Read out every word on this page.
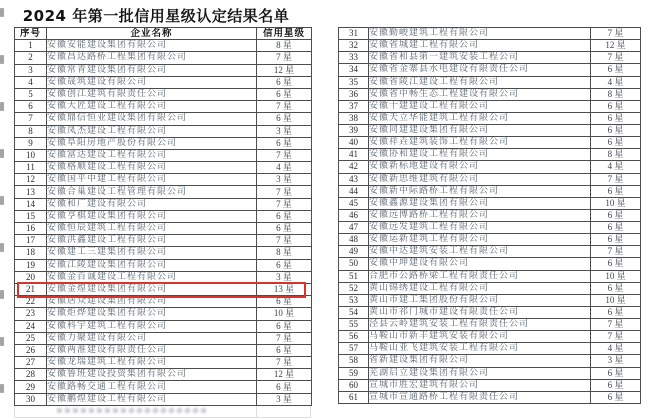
2024 年第一批信用星级认定结果名单
序号	企业名称	信用星级
1	安徽安能建设集团有限公司	8 星
2	安徽昌达路桥工程集团有限公司	7 星
3	安徽常青建设集团有限公司	12 星
4	安徽晟筑建设有限公司	6 星
5	安徽创江建筑有限责任公司	6 星
6	安徽大匠建设工程有限公司	7 星
7	安徽鼎信恒业建设集团有限公司	6 星
8	安徽凤杰建设工程有限公司	3 星
9	安徽阜阳房地产股份有限公司	6 星
10	安徽富达建设工程有限公司	7 星
11	安徽格顺建设工程有限公司	4 星
12	安徽国平中建工程有限公司	3 星
13	安徽合巢建设工程管理有限公司	7 星
14	安徽和广建设有限公司	7 星
15	安徽亨棋建设集团有限公司	6 星
16	安徽恒辰建筑工程有限公司	6 星
17	安徽洪鑫建设工程有限公司	7 星
18	安徽建工三建集团有限公司	8 星
19	安徽江陵建设集团有限公司	6 星
20	安徽金百诚建设工程有限公司	3 星
21	安徽金煌建设集团有限公司	13 星
22	安徽居众建设集团有限公司	6 星
23	安徽炬烨建设集团有限公司	10 星
24	安徽科宇建筑工程有限公司	6 星
25	安徽力聚建设有限公司	7 星
26	安徽两淮建设有限责任公司	6 星
27	安徽龙瑞建筑工程有限公司	7 星
28	安徽鲁班建设投资集团有限公司	12 星
29	安徽路畅交通工程有限公司	6 星
30	安徽鹏煌建设工程有限公司	3 星
31	安徽勤峻建筑工程有限公司	7 星
32	安徽省城建工程有限公司	12 星
33	安徽省和县第一建筑安装工程公司	7 星
34	安徽省金寨县水电建设有限责任公司	6 星
35	安徽省陵江建设工程有限公司	4 星
36	安徽省中畅生态工程建设有限公司	8 星
37	安徽十建建设工程有限公司	6 星
38	安徽天立华能建筑工程有限公司	6 星
39	安徽同建建设集团有限公司	6 星
40	安徽祥垚建筑装饰工程有限公司	6 星
41	安徽协和建设工程有限公司	8 星
42	安徽新标地建设有限公司	4 星
43	安徽新思维建筑有限公司	7 星
44	安徽新中际路桥工程有限公司	6 星
45	安徽鑫源建设集团有限公司	10 星
46	安徽远博路桥工程有限公司	6 星
47	安徽远发建筑工程有限公司	6 星
48	安徽运新建筑工程有限公司	6 星
49	安徽中达建筑安装工程有限公司	7 星
50	安徽中坤建设有限公司	6 星
51	合肥市公路桥梁工程有限责任公司	10 星
52	黄山锦绣建设工程有限公司	6 星
53	黄山市建工集团股份有限公司	10 星
54	黄山市祁门城市建设有限责任公司	6 星
55	泾县云岭建筑安装工程有限责任公司	7 星
56	马鞍山市新丰建筑安装有限公司	7 星
57	马鞍山亚飞建筑安装工程有限公司	4 星
58	省新建设集团有限公司	3 星
59	芜湖启立建设集团有限公司	6 星
60	宣城市胜宏建筑有限公司	6 星
61	宣城市宣通路桥工程有限责任公司	6 星
